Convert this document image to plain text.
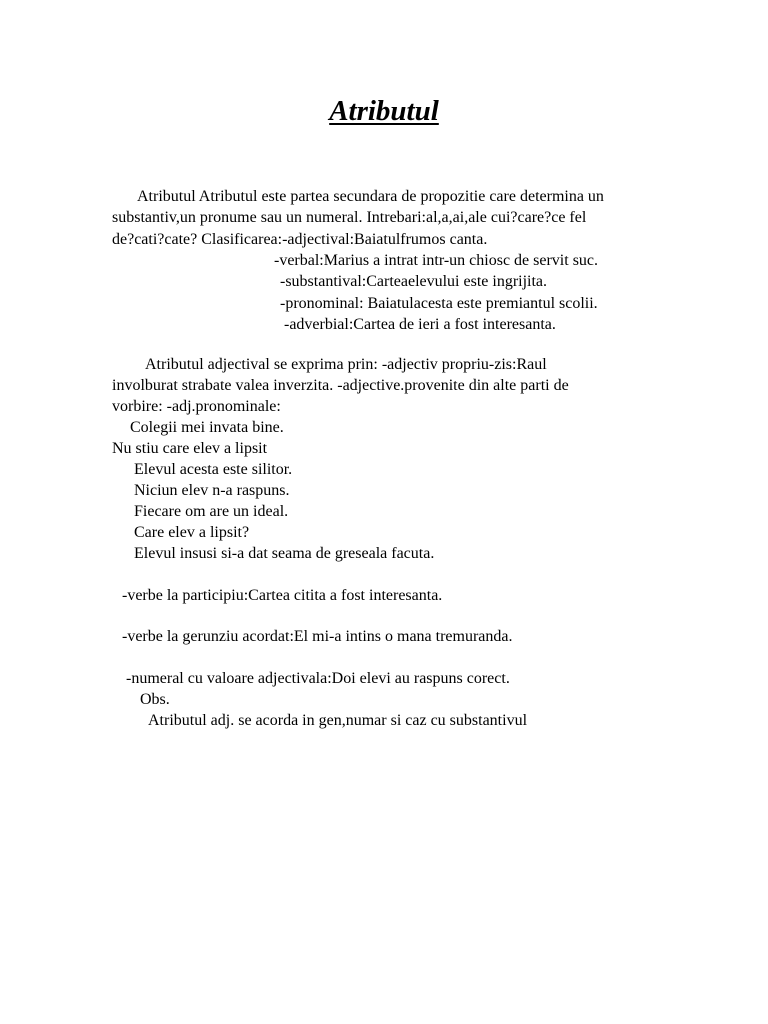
Atributul
Atributul Atributul este partea secundara de propozitie care determina un
substantiv,un pronume sau un numeral. Intrebari:al,a,ai,ale cui?care?ce fel
de?cati?cate? Clasificarea:-adjectival:Baiatulfrumos canta.
-verbal:Marius a intrat intr-un chiosc de servit suc.
-substantival:Carteaelevului este ingrijita.
-pronominal: Baiatulacesta este premiantul scolii.
-adverbial:Cartea de ieri a fost interesanta.
Atributul adjectival se exprima prin: -adjectiv propriu-zis:Raul
involburat strabate valea inverzita. -adjective.provenite din alte parti de
vorbire: -adj.pronominale:
Colegii mei invata bine.
Nu stiu care elev a lipsit
Elevul acesta este silitor.
Niciun elev n-a raspuns.
Fiecare om are un ideal.
Care elev a lipsit?
Elevul insusi si-a dat seama de greseala facuta.
-verbe la participiu:Cartea citita a fost interesanta.
-verbe la gerunziu acordat:El mi-a intins o mana tremuranda.
-numeral cu valoare adjectivala:Doi elevi au raspuns corect.
Obs.
Atributul adj. se acorda in gen,numar si caz cu substantivul
